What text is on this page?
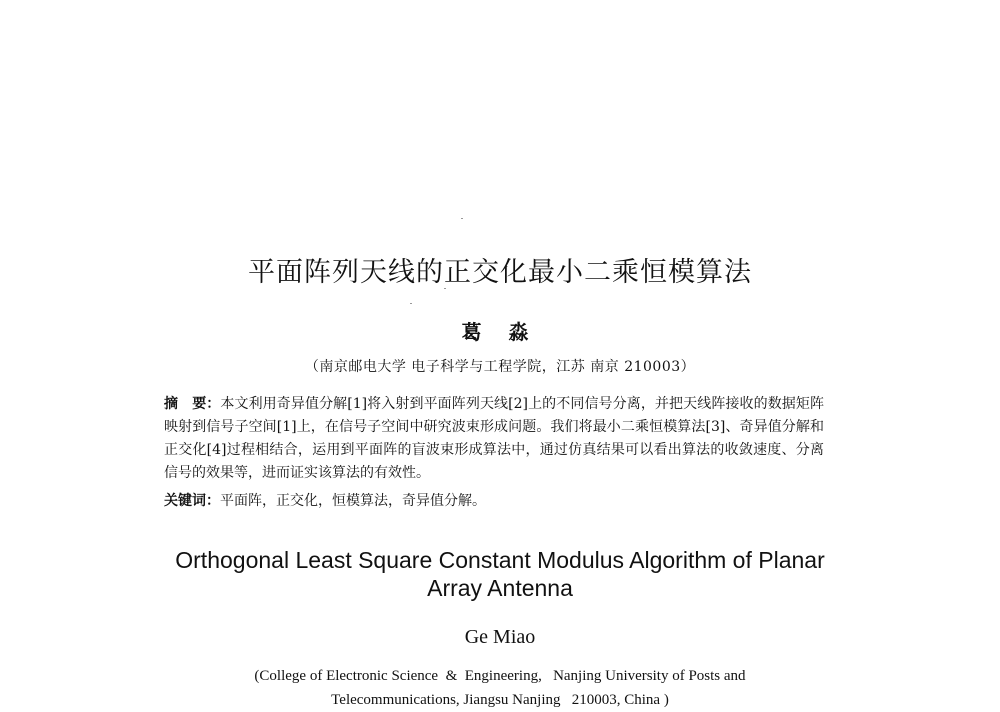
平面阵列天线的正交化最小二乘恒模算法
葛 淼
（南京邮电大学 电子科学与工程学院，江苏 南京 210003）
摘　要：本文利用奇异值分解[1]将入射到平面阵列天线[2]上的不同信号分离，并把天线阵接收的数据矩阵映射到信号子空间[1]上，在信号子空间中研究波束形成问题。我们将最小二乘恒模算法[3]、奇异值分解和正交化[4]过程相结合，运用到平面阵的盲波束形成算法中，通过仿真结果可以看出算法的收敛速度、分离信号的效果等，进而证实该算法的有效性。
关键词：平面阵，正交化，恒模算法，奇异值分解。
Orthogonal Least Square Constant Modulus Algorithm of Planar
Array Antenna
Ge Miao
(College of Electronic Science  &  Engineering,   Nanjing University of Posts and
Telecommunications, Jiangsu Nanjing   210003, China )
